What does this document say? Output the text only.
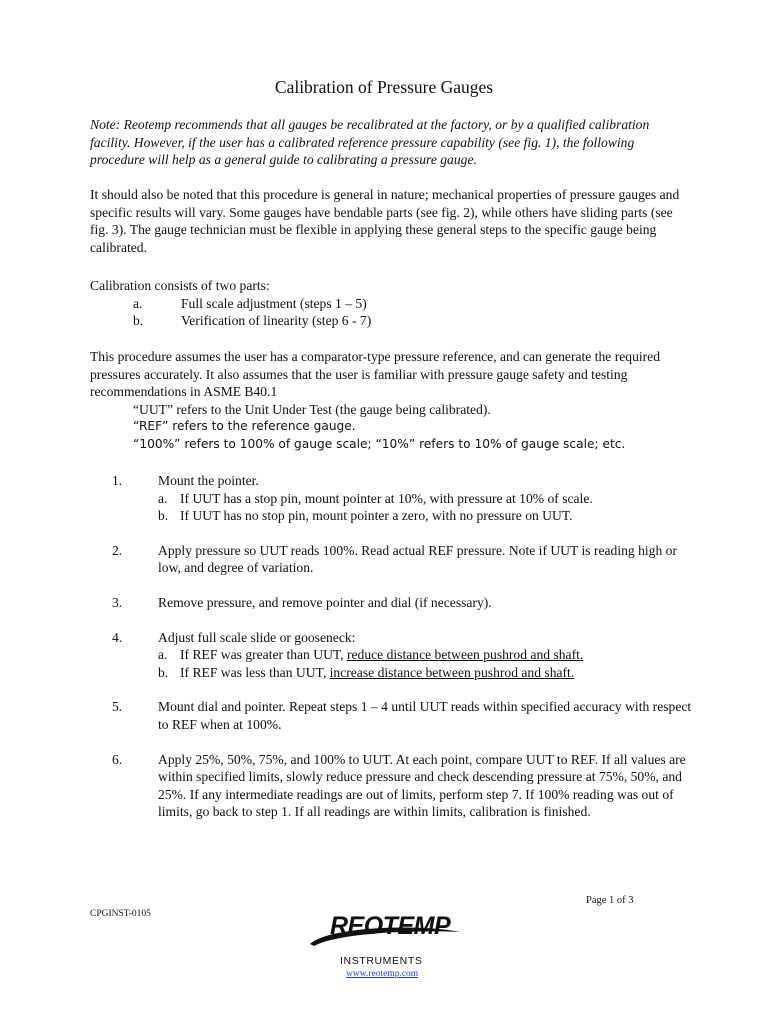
Calibration of Pressure Gauges
Note: Reotemp recommends that all gauges be recalibrated at the factory, or by a qualified calibration facility. However, if the user has a calibrated reference pressure capability (see fig. 1), the following procedure will help as a general guide to calibrating a pressure gauge.

It should also be noted that this procedure is general in nature; mechanical properties of pressure gauges and specific results will vary. Some gauges have bendable parts (see fig. 2), while others have sliding parts (see fig. 3). The gauge technician must be flexible in applying these general steps to the specific gauge being calibrated.

Calibration consists of two parts:
a.	Full scale adjustment (steps 1 – 5)
b.	Verification of linearity (step 6 - 7)

This procedure assumes the user has a comparator-type pressure reference, and can generate the required pressures accurately. It also assumes that the user is familiar with pressure gauge safety and testing recommendations in ASME B40.1

“UUT” refers to the Unit Under Test (the gauge being calibrated).
“REF” refers to the reference gauge.
“100%” refers to 100% of gauge scale; “10%” refers to 10% of gauge scale; etc.
1.	Mount the pointer.
a. If UUT has a stop pin, mount pointer at 10%, with pressure at 10% of scale.
b. If UUT has no stop pin, mount pointer a zero, with no pressure on UUT.
2.	Apply pressure so UUT reads 100%. Read actual REF pressure. Note if UUT is reading high or low, and degree of variation.
3.	Remove pressure, and remove pointer and dial (if necessary).
4.	Adjust full scale slide or gooseneck:
a. If REF was greater than UUT, reduce distance between pushrod and shaft.
b. If REF was less than UUT, increase distance between pushrod and shaft.
5.	Mount dial and pointer. Repeat steps 1 – 4 until UUT reads within specified accuracy with respect to REF when at 100%.
6.	Apply 25%, 50%, 75%, and 100% to UUT. At each point, compare UUT to REF. If all values are within specified limits, slowly reduce pressure and check descending pressure at 75%, 50%, and 25%. If any intermediate readings are out of limits, perform step 7. If 100% reading was out of limits, go back to step 1. If all readings are within limits, calibration is finished.
Page 1 of 3
CPGINST-0105	REOTEMP
INSTRUMENTS
www.reotemp.com
